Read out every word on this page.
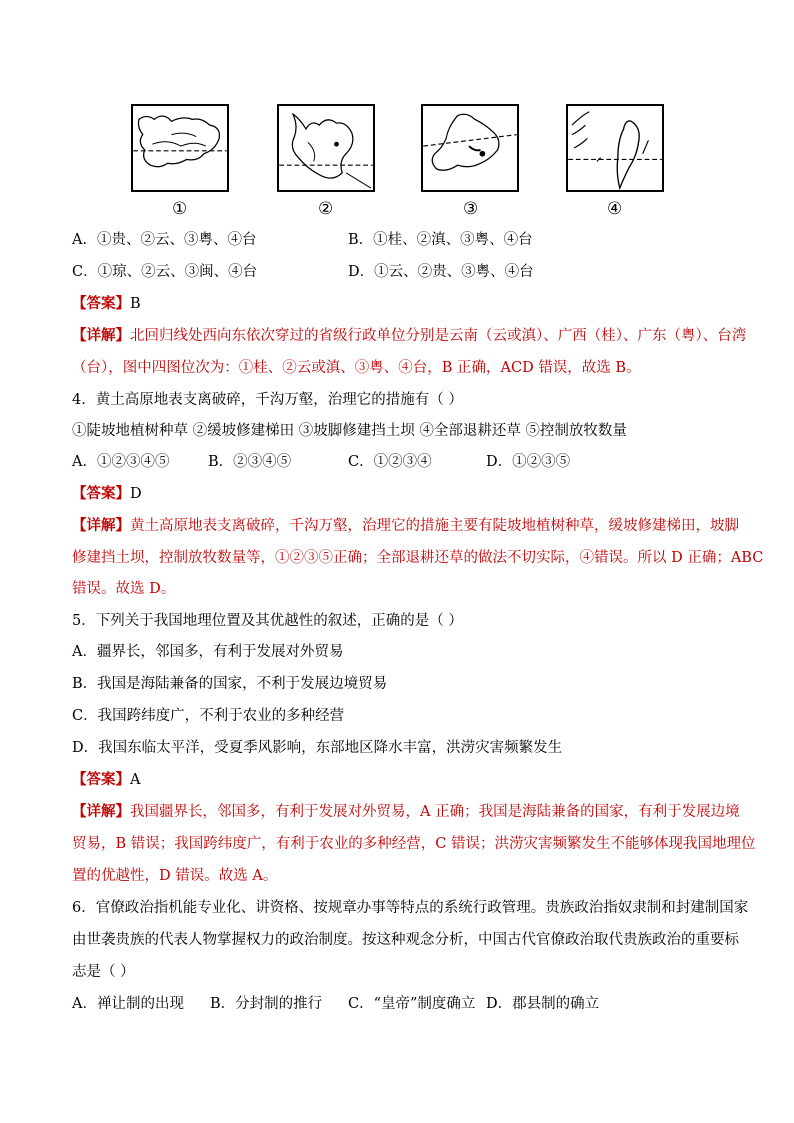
①	②	③	④
A．①贵、②云、③粤、④台	B．①桂、②滇、③粤、④台
C．①琼、②云、③闽、④台	D．①云、②贵、③粤、④台
【答案】B
【详解】北回归线处西向东依次穿过的省级行政单位分别是云南（云或滇）、广西（桂）、广东（粤）、台湾
（台），图中四图位次为：①桂、②云或滇、③粤、④台，B 正确，ACD 错误，故选 B。
4．黄土高原地表支离破碎，千沟万壑，治理它的措施有（ ）
①陡坡地植树种草 ②缓坡修建梯田 ③坡脚修建挡土坝 ④全部退耕还草 ⑤控制放牧数量
A．①②③④⑤	B．②③④⑤	C．①②③④	D．①②③⑤
【答案】D
【详解】黄土高原地表支离破碎，千沟万壑，治理它的措施主要有陡坡地植树种草，缓坡修建梯田，坡脚
修建挡土坝，控制放牧数量等，①②③⑤正确；全部退耕还草的做法不切实际，④错误。所以 D 正确；ABC
错误。故选 D。
5．下列关于我国地理位置及其优越性的叙述，正确的是（ ）
A．疆界长，邻国多，有利于发展对外贸易
B．我国是海陆兼备的国家，不利于发展边境贸易
C．我国跨纬度广，不利于农业的多种经营
D．我国东临太平洋，受夏季风影响，东部地区降水丰富，洪涝灾害频繁发生
【答案】A
【详解】我国疆界长，邻国多，有利于发展对外贸易，A 正确；我国是海陆兼备的国家，有利于发展边境
贸易，B 错误；我国跨纬度广，有利于农业的多种经营，C 错误；洪涝灾害频繁发生不能够体现我国地理位
置的优越性，D 错误。故选 A。
6．官僚政治指机能专业化、讲资格、按规章办事等特点的系统行政管理。贵族政治指奴隶制和封建制国家
由世袭贵族的代表人物掌握权力的政治制度。按这种观念分析，中国古代官僚政治取代贵族政治的重要标
志是（ ）
A．禅让制的出现 B．分封制的推行 C．“皇帝”制度确立 D．郡县制的确立
